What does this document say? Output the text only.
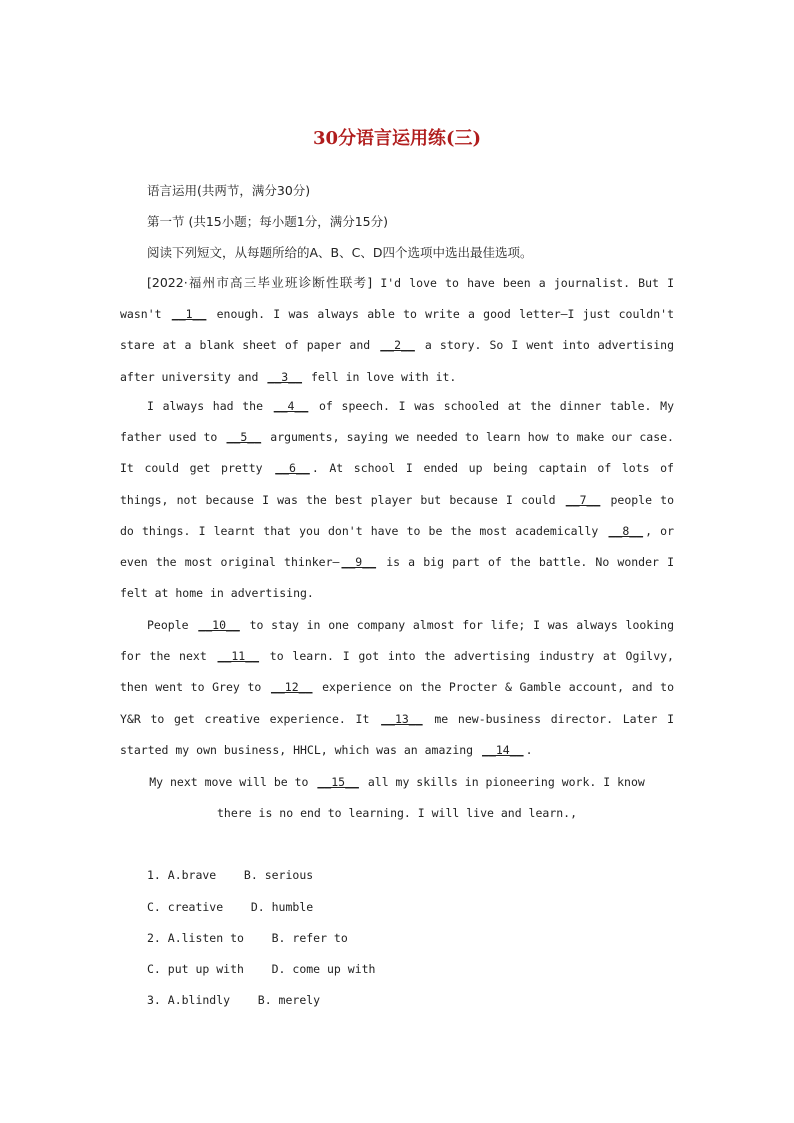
30分语言运用练(三)
语言运用(共两节，满分30分)
第一节 (共15小题；每小题1分，满分15分)
阅读下列短文，从每题所给的A、B、C、D四个选项中选出最佳选项。

[2022·福州市高三毕业班诊断性联考] I'd love to have been a journalist. But I wasn't __1__ enough. I was always able to write a good letter—I just couldn't stare at a blank sheet of paper and __2__ a story. So I went into advertising after university and __3__ fell in love with it.

I always had the __4__ of speech. I was schooled at the dinner table. My father used to __5__ arguments, saying we needed to learn how to make our case. It could get pretty __6__ . At school I ended up being captain of lots of things, not because I was the best player but because I could __7__ people to do things. I learnt that you don't have to be the most academically __8__ , or even the most original thinker— __9__ is a big part of the battle. No wonder I felt at home in advertising.

People __10__ to stay in one company almost for life; I was always looking for the next __11__ to learn. I got into the advertising industry at Ogilvy, then went to Grey to __12__ experience on the Procter & Gamble account, and to Y&R to get creative experience. It __13__ me new-business director. Later I started my own business, HHCL, which was an amazing __14__ .

My next move will be to __15__ all my skills in pioneering work. I know
there is no end to learning. I will live and learn.,
1. A.brave    B. serious
C. creative    D. humble
2. A.listen to    B. refer to
C. put up with    D. come up with
3. A.blindly    B. merely
